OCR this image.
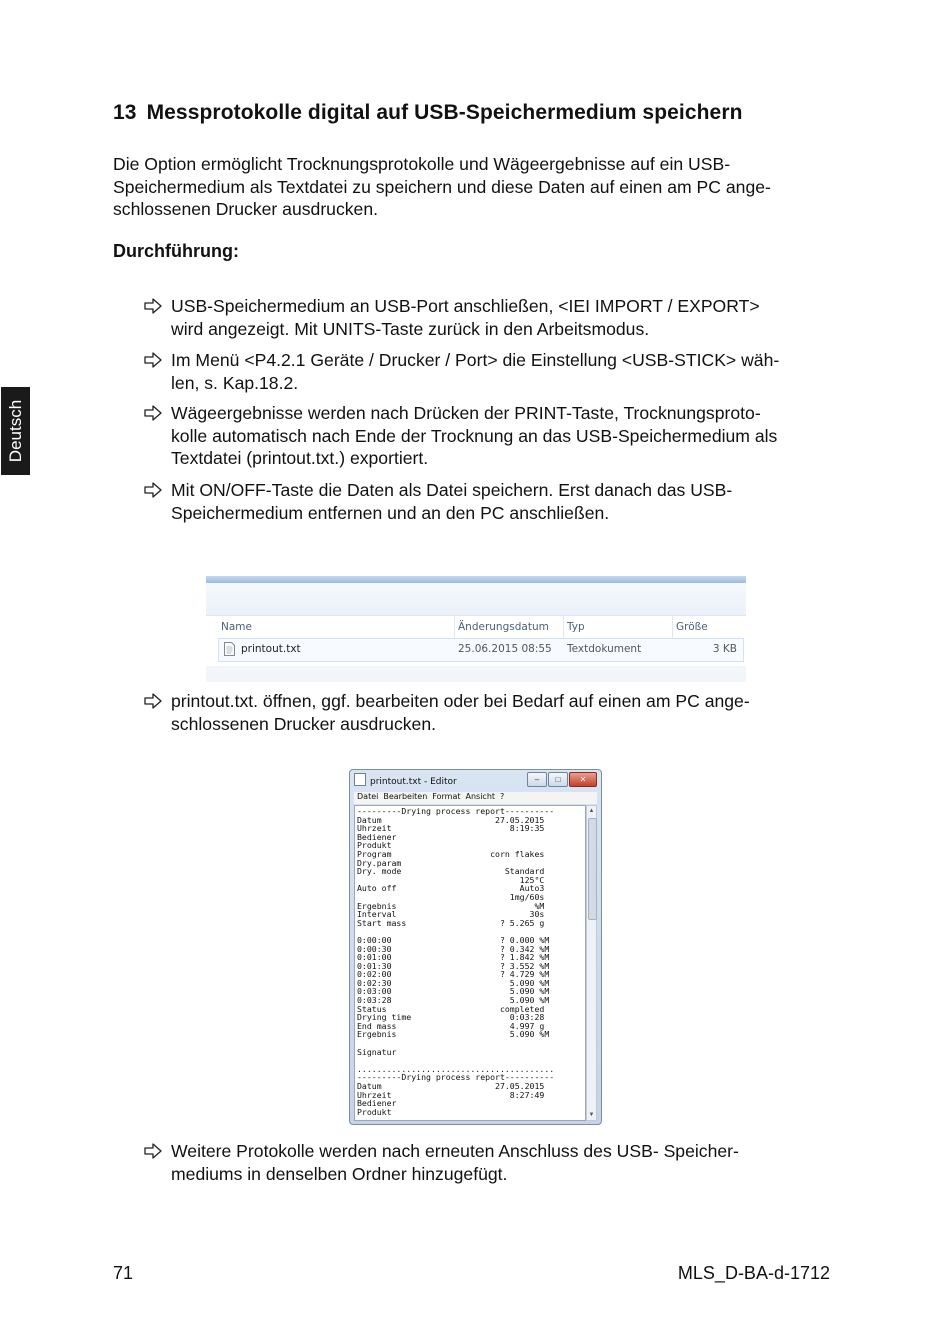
Deutsch
13 Messprotokolle digital auf USB-Speichermedium speichern
Die Option ermöglicht Trocknungsprotokolle und Wägeergebnisse auf ein USB-
Speichermedium als Textdatei zu speichern und diese Daten auf einen am PC ange-
schlossenen Drucker ausdrucken.
Durchführung:
USB-Speichermedium an USB-Port anschließen, <IEI IMPORT / EXPORT>
wird angezeigt. Mit UNITS-Taste zurück in den Arbeitsmodus.
Im Menü <P4.2.1 Geräte / Drucker / Port> die Einstellung <USB-STICK> wäh-
len, s. Kap.18.2.
Wägeergebnisse werden nach Drücken der PRINT-Taste, Trocknungsproto-
kolle automatisch nach Ende der Trocknung an das USB-Speichermedium als
Textdatei (printout.txt.) exportiert.
Mit ON/OFF-Taste die Daten als Datei speichern. Erst danach das USB-
Speichermedium entfernen und an den PC anschließen.
Name	Änderungsdatum Typ	Größe
printout.txt	25.06.2015 08:55 Textdokument	3 KB
printout.txt. öffnen, ggf. bearbeiten oder bei Bedarf auf einen am PC ange-
schlossenen Drucker ausdrucken.
printout.txt - Editor	– □ ✕
Datei Bearbeiten Format Ansicht ?
---------Drying process report----------
Datum                       27.05.2015
Uhrzeit                        8:19:35
Bediener
Produkt
Program                    corn flakes
Dry.param
Dry. mode                     Standard
125°C
Auto off                         Auto3
1mg/60s
Ergebnis                            %M
Interval                           30s
Start mass                   ? 5.265 g

0:00:00                      ? 0.000 %M
0:00:30                      ? 0.342 %M
0:01:00                      ? 1.842 %M
0:01:30                      ? 3.552 %M
0:02:00                      ? 4.729 %M
0:02:30                        5.090 %M
0:03:00                        5.090 %M
0:03:28                        5.090 %M
Status                       completed
Drying time                    0:03:28
End mass                       4.997 g
Ergebnis                       5.090 %M

Signatur

........................................
---------Drying process report----------
Datum                       27.05.2015
Uhrzeit                        8:27:49
Bediener
Produkt
▲
▼
Weitere Protokolle werden nach erneuten Anschluss des USB- Speicher-
mediums in denselben Ordner hinzugefügt.
71	MLS_D-BA-d-1712
